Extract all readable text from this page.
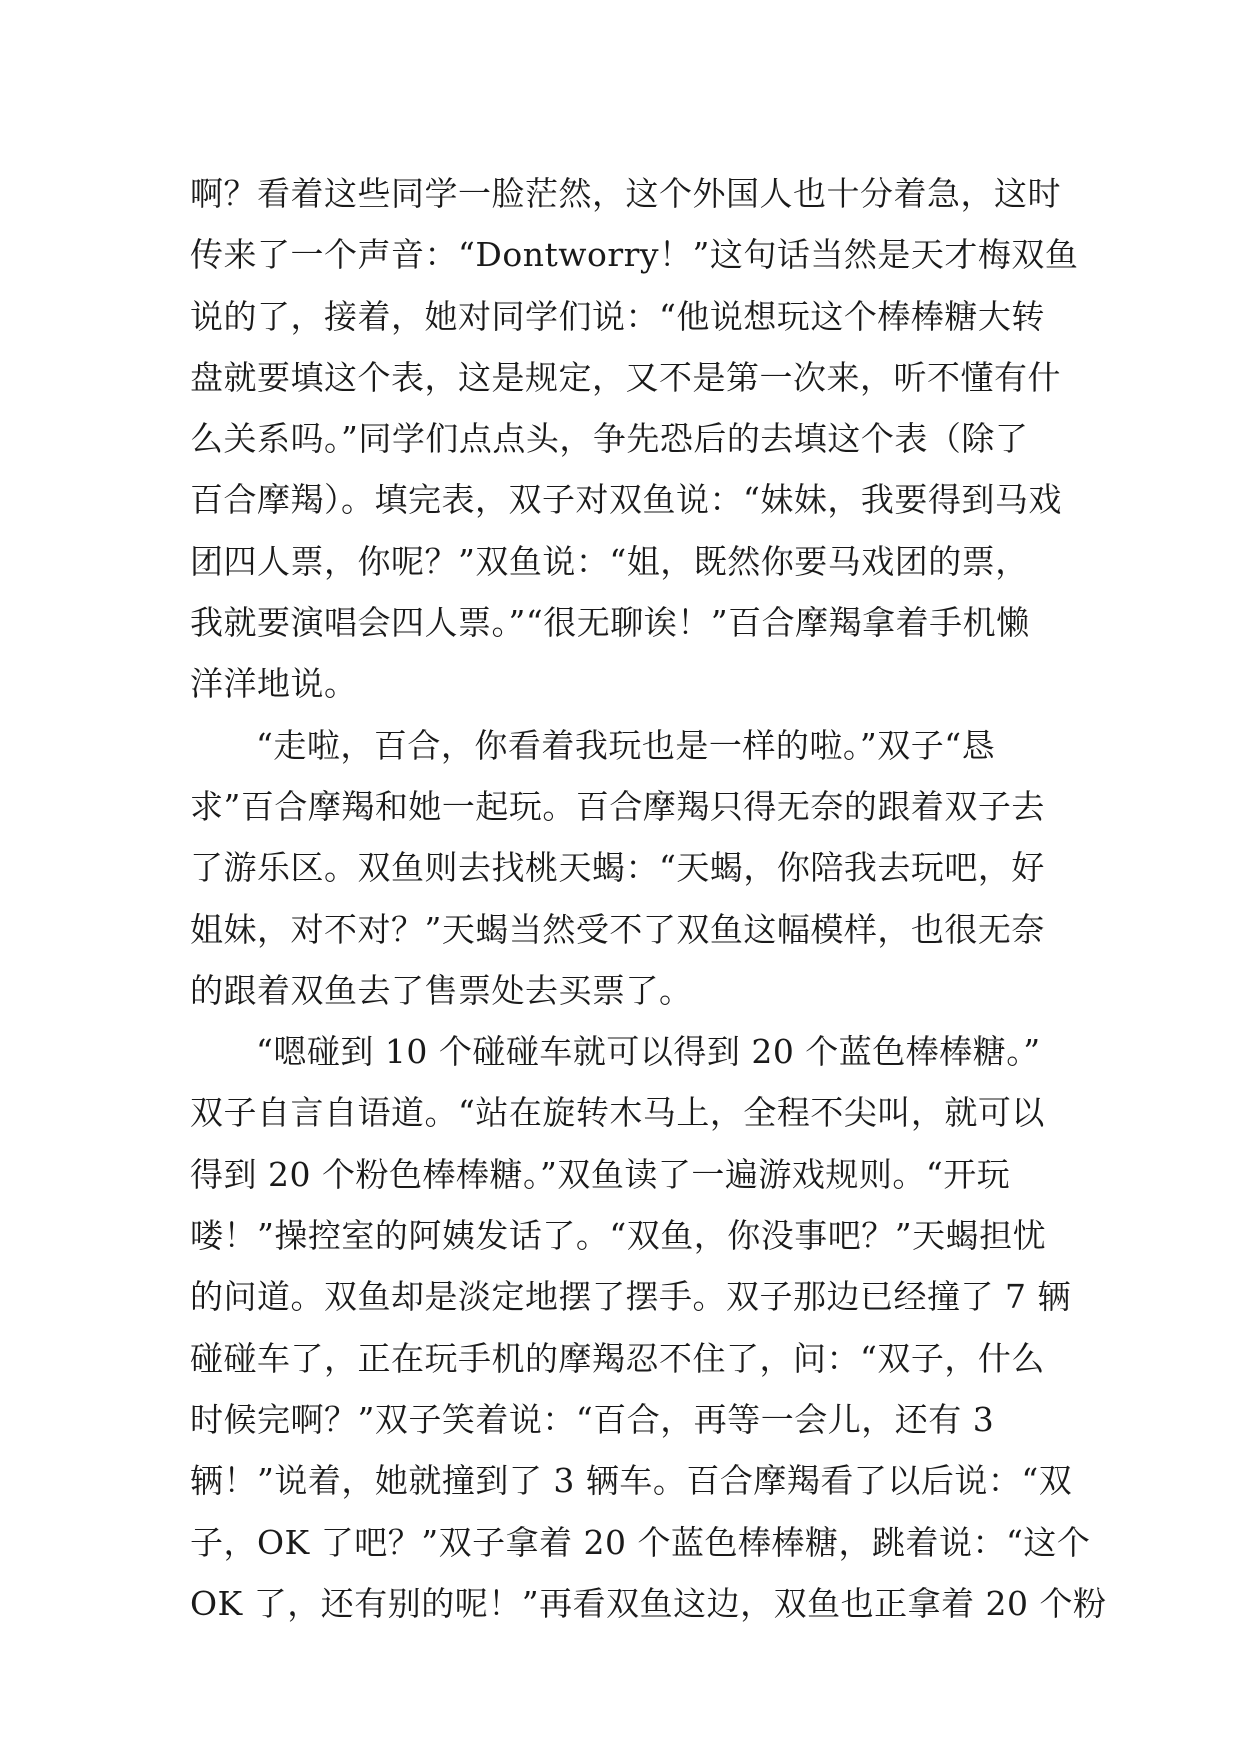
啊？看着这些同学一脸茫然，这个外国人也十分着急，这时
传来了一个声音：“Dontworry！”这句话当然是天才梅双鱼
说的了，接着，她对同学们说：“他说想玩这个棒棒糖大转
盘就要填这个表，这是规定，又不是第一次来，听不懂有什
么关系吗。”同学们点点头，争先恐后的去填这个表（除了
百合摩羯）。填完表，双子对双鱼说：“妹妹，我要得到马戏
团四人票，你呢？”双鱼说：“姐，既然你要马戏团的票，
我就要演唱会四人票。”“很无聊诶！”百合摩羯拿着手机懒
洋洋地说。
“走啦，百合，你看着我玩也是一样的啦。”双子“恳
求”百合摩羯和她一起玩。百合摩羯只得无奈的跟着双子去
了游乐区。双鱼则去找桃天蝎：“天蝎，你陪我去玩吧，好
姐妹，对不对？”天蝎当然受不了双鱼这幅模样，也很无奈
的跟着双鱼去了售票处去买票了。
“嗯碰到 10 个碰碰车就可以得到 20 个蓝色棒棒糖。”
双子自言自语道。“站在旋转木马上，全程不尖叫，就可以
得到 20 个粉色棒棒糖。”双鱼读了一遍游戏规则。“开玩
喽！”操控室的阿姨发话了。“双鱼，你没事吧？”天蝎担忧
的问道。双鱼却是淡定地摆了摆手。双子那边已经撞了 7 辆
碰碰车了，正在玩手机的摩羯忍不住了，问：“双子，什么
时候完啊？”双子笑着说：“百合，再等一会儿，还有 3
辆！”说着，她就撞到了 3 辆车。百合摩羯看了以后说：“双
子，OK 了吧？”双子拿着 20 个蓝色棒棒糖，跳着说：“这个
OK 了，还有别的呢！”再看双鱼这边，双鱼也正拿着 20 个粉
